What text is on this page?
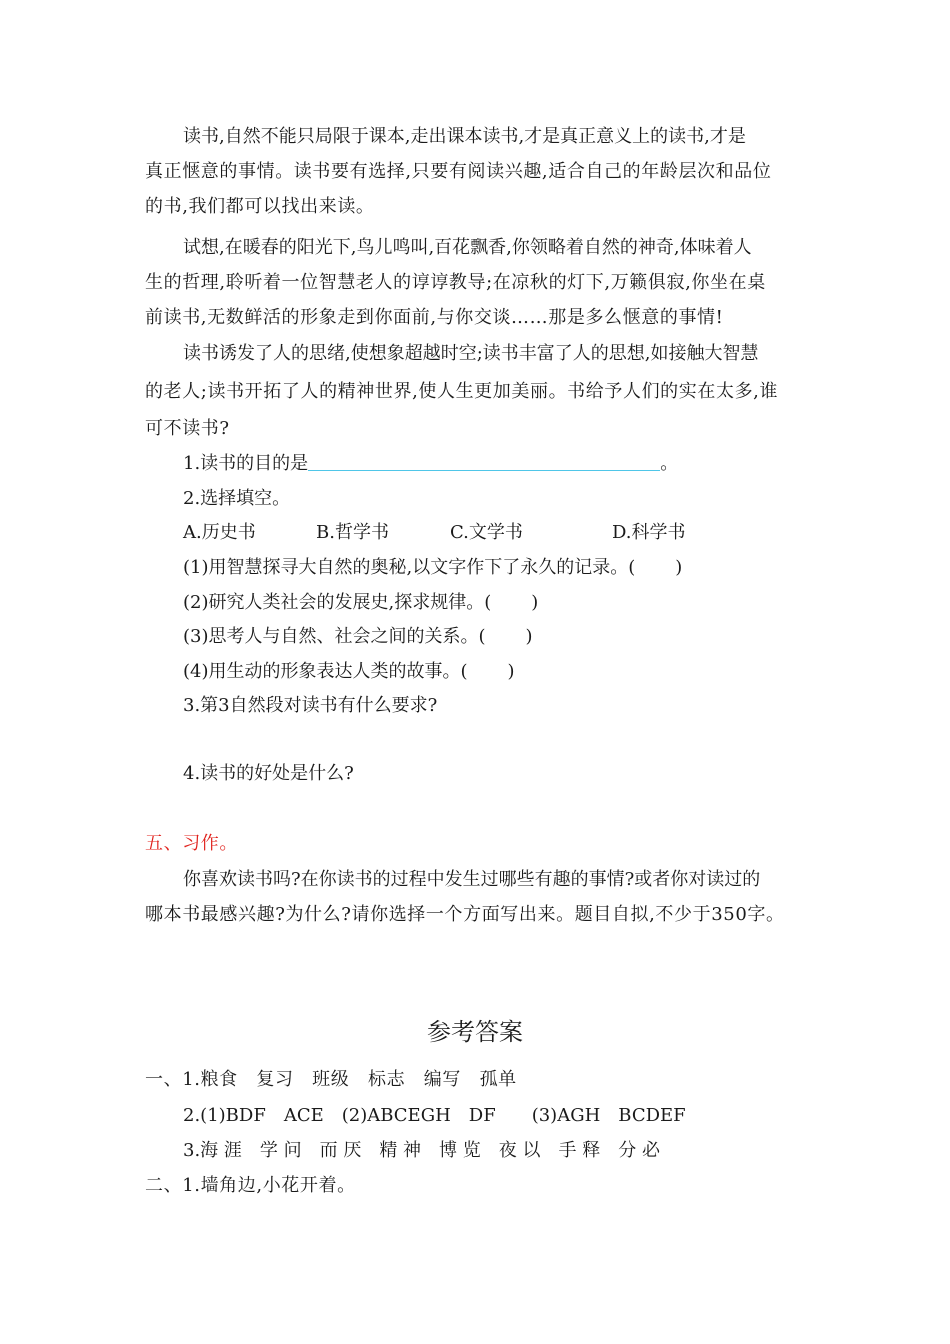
读书,自然不能只局限于课本,走出课本读书,才是真正意义上的读书,才是
真正惬意的事情。读书要有选择,只要有阅读兴趣,适合自己的年龄层次和品位
的书,我们都可以找出来读。
试想,在暖春的阳光下,鸟儿鸣叫,百花飘香,你领略着自然的神奇,体味着人
生的哲理,聆听着一位智慧老人的谆谆教导;在凉秋的灯下,万籁俱寂,你坐在桌
前读书,无数鲜活的形象走到你面前,与你交谈……那是多么惬意的事情!
读书诱发了人的思绪,使想象超越时空;读书丰富了人的思想,如接触大智慧
的老人;读书开拓了人的精神世界,使人生更加美丽。书给予人们的实在太多,谁
可不读书?
1.读书的目的是	。
2.选择填空。
A.历史书	B.哲学书	C.文学书	D.科学书
(1)用智慧探寻大自然的奥秘,以文字作下了永久的记录。( )
(2)研究人类社会的发展史,探求规律。( )
(3)思考人与自然、社会之间的关系。( )
(4)用生动的形象表达人类的故事。( )
3.第3自然段对读书有什么要求?
4.读书的好处是什么?
五、习作。
你喜欢读书吗?在你读书的过程中发生过哪些有趣的事情?或者你对读过的
哪本书最感兴趣?为什么?请你选择一个方面写出来。题目自拟,不少于350字。
参考答案
一、1.粮食　复习　班级　标志　编写　孤单
2.(1)BDF　ACE　(2)ABCEGH　DF　　(3)AGH　BCDEF
3.海 涯　学 问　而 厌　精 神　博 览　夜 以　手 释　分 必
二、1.墙角边,小花开着。
